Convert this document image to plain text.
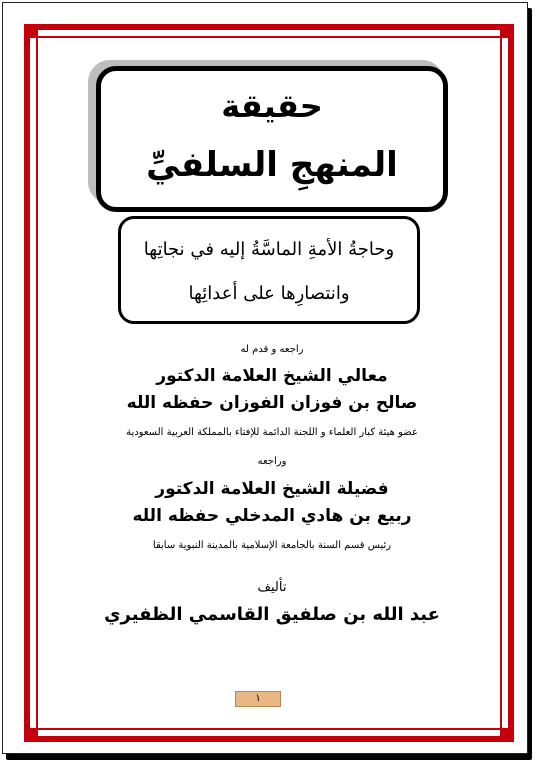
حقيقة
المنهجِ السلفيِّ
وحاجةُ الأمةِ الماسَّةُ إليه في نجاتِها
وانتصارِها على أعدائِها
راجعه و قدم له
معالي الشيخ العلامة الدكتور
صالح بن فوزان الفوزان حفظه الله
عضو هيئة كبار العلماء و اللجنة الدائمة للإفتاء بالمملكة العربية السعودية
وراجعه
فضيلة الشيخ العلامة الدكتور
ربيع بن هادي المدخلي حفظه الله
رئيس قسم السنة بالجامعة الإسلامية بالمدينة النبوية سابقا
تأليف
عبد الله بن صلفيق القاسمي الظفيري
١
